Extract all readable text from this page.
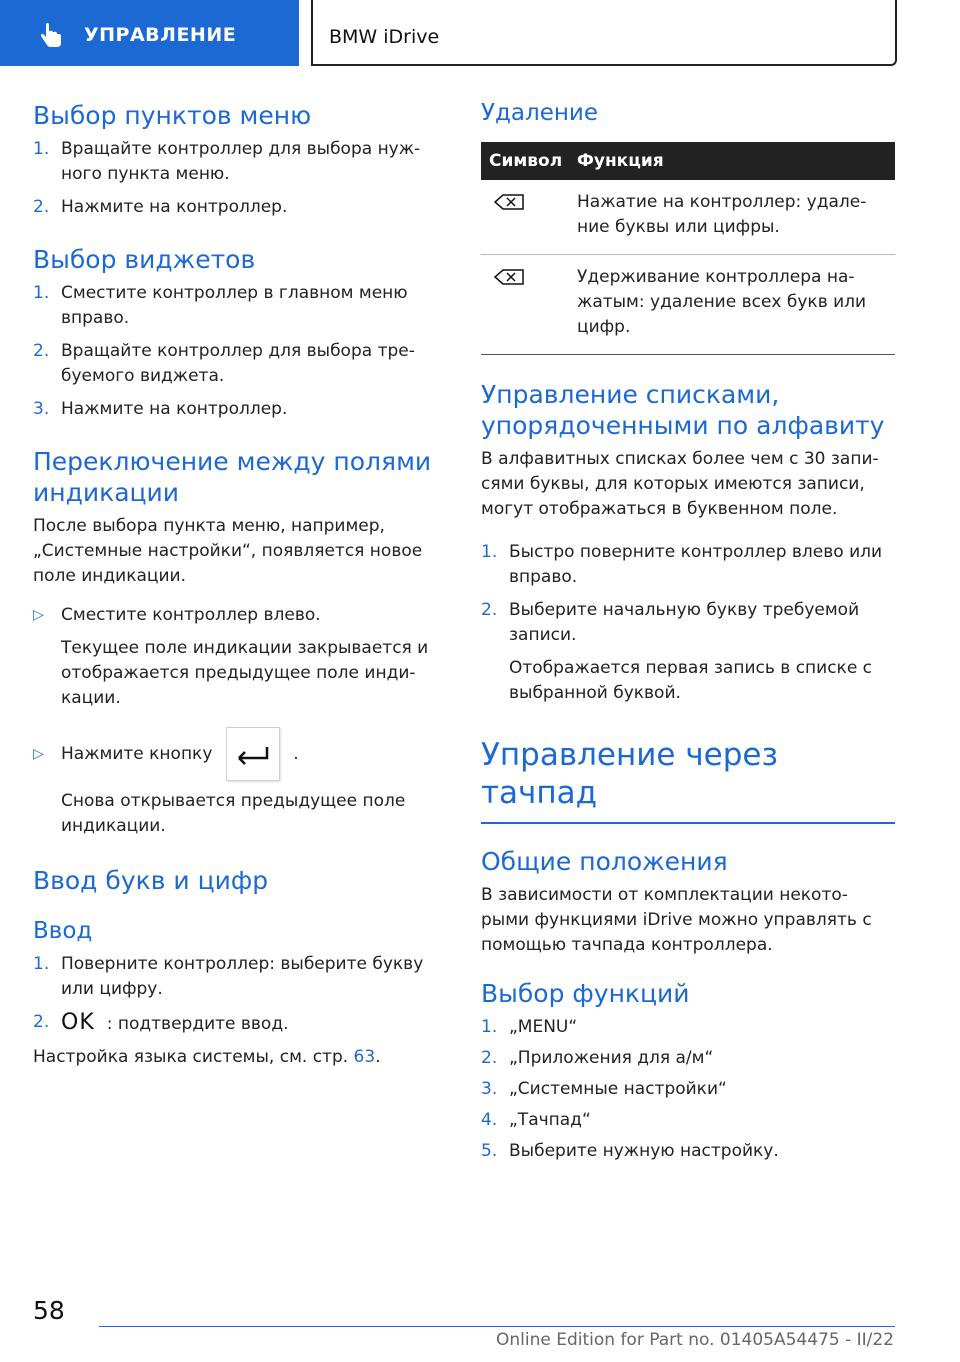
УПРАВЛЕНИЕ	BMW iDrive
Выбор пунктов меню
1. Вращайте контроллер для выбора нуж-ного пункта меню.
2. Нажмите на контроллер.
Выбор виджетов
1. Сместите контроллер в главном меню вправо.
2. Вращайте контроллер для выбора тре-буемого виджета.
3. Нажмите на контроллер.
Переключение между полями индикации

После выбора пункта меню, например, „Системные настройки“, появляется новое поле индикации.

▷	Сместите контроллер влево.
Текущее поле индикации закрывается и отображается предыдущее поле инди-кации.
▷	Нажмите кнопку	.
Снова открывается предыдущее поле индикации.
Ввод букв и цифр
Ввод
1. Поверните контроллер: выберите букву или цифру.
2. OK : подтвердите ввод.

Настройка языка системы, см. стр. 63.

Удаление
Символ	Функция
	Нажатие на контроллер: удале-ние буквы или цифры.
	Удерживание контроллера на-жатым: удаление всех букв или цифр.
Управление списками, упорядоченными по алфавиту

В алфавитных списках более чем с 30 запи-сями буквы, для которых имеются записи, могут отображаться в буквенном поле.

1. Быстро поверните контроллер влево или вправо.
2. Выберите начальную букву требуемой записи.
Отображается первая запись в списке с выбранной буквой.
Управление через тачпад
Общие положения

В зависимости от комплектации некото-рыми функциями iDrive можно управлять с помощью тачпада контроллера.

Выбор функций
1. „MENU“
2. „Приложения для а/м“
3. „Системные настройки“
4. „Тачпад“
5. Выберите нужную настройку.
58
Online Edition for Part no. 01405A54475 - II/22
